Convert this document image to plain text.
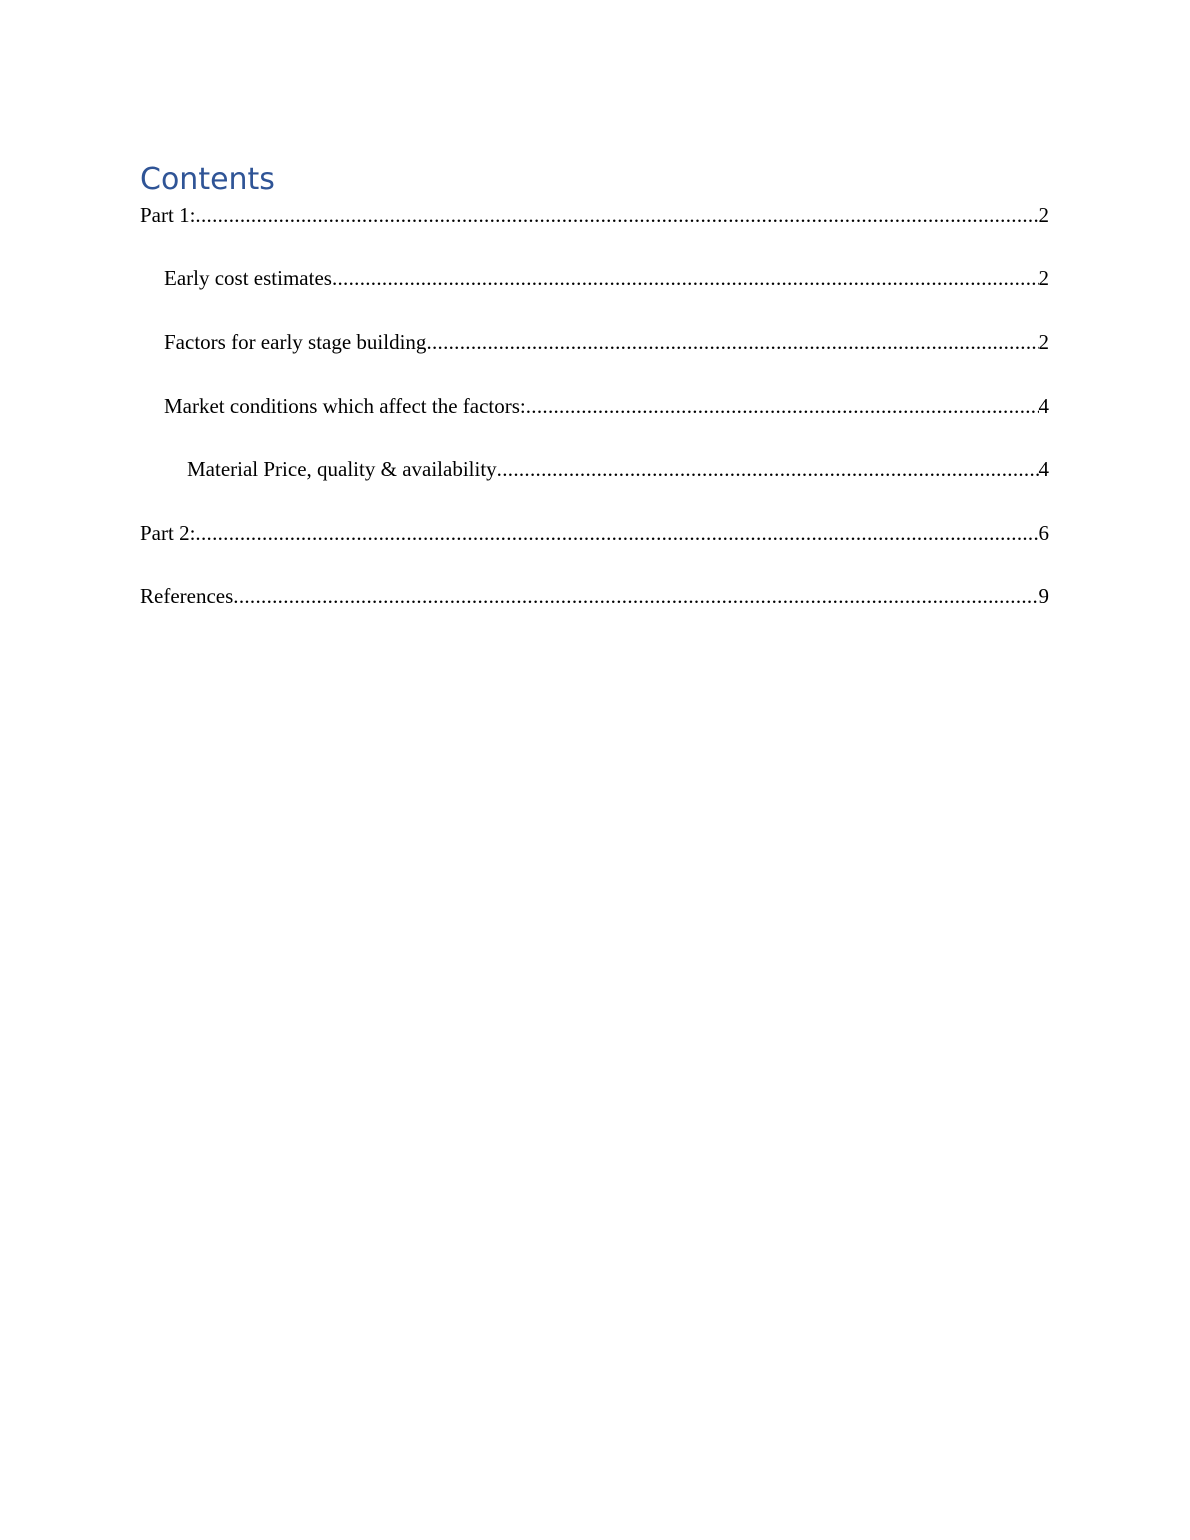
Contents
Part 1: .....	2
Early cost estimates .....	2
Factors for early stage building .....	2
Market conditions which affect the factors: .....	4
Material Price, quality & availability .....	4
Part 2: .....	6
References .....	9
